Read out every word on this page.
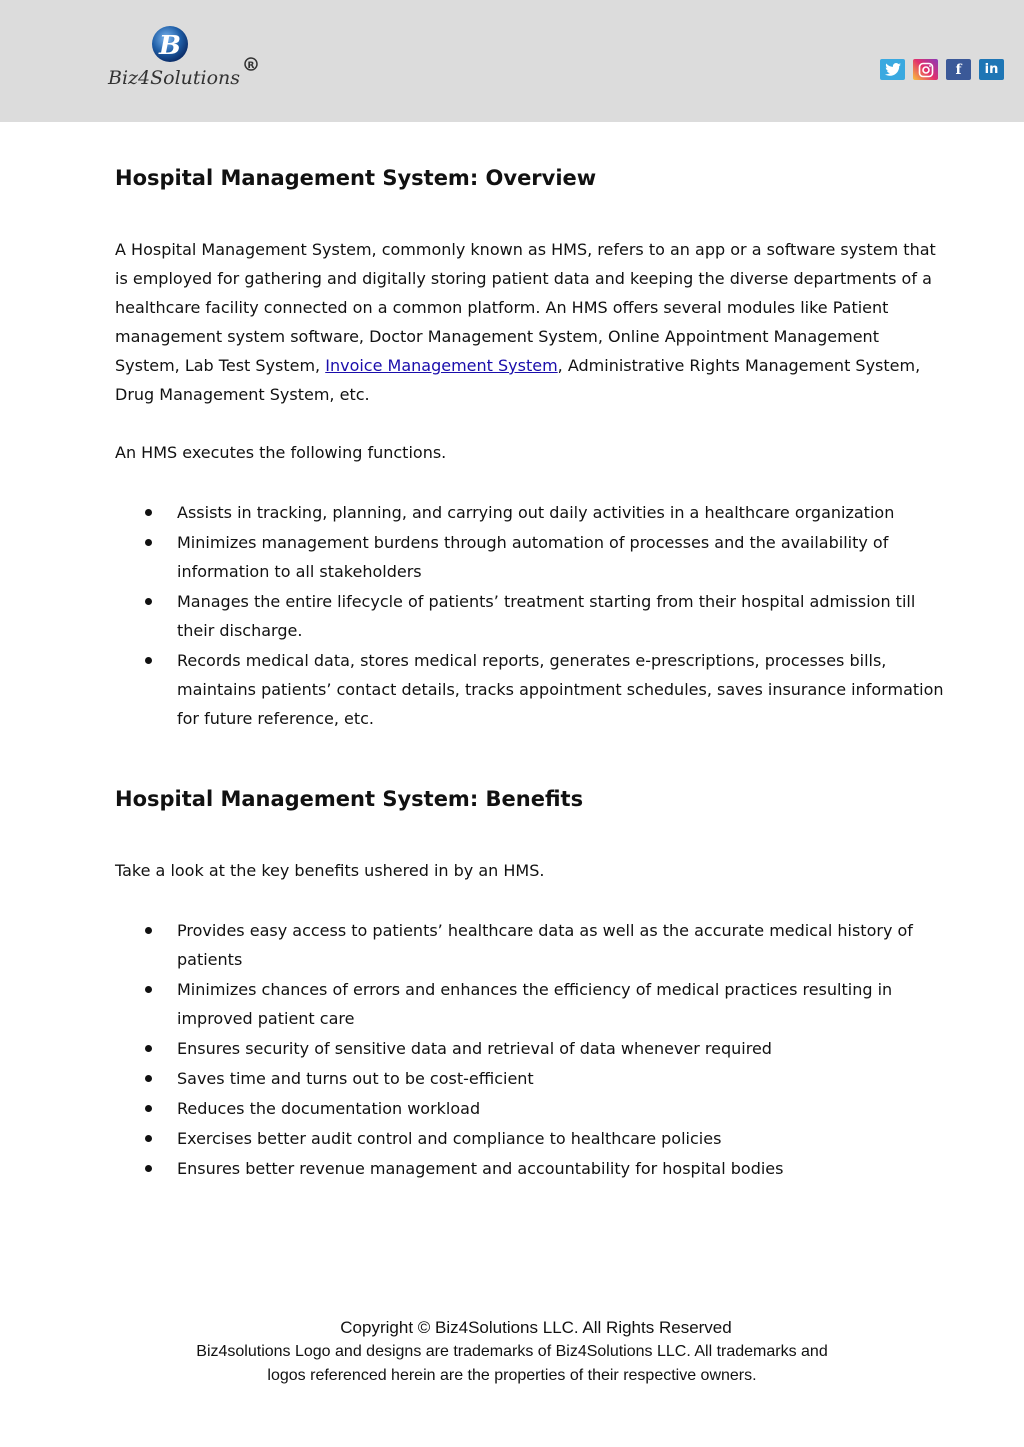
B
Biz4Solutions
R	f	in
Hospital Management System: Overview

A Hospital Management System, commonly known as HMS, refers to an app or a software system that is employed for gathering and digitally storing patient data and keeping the diverse departments of a healthcare facility connected on a common platform. An HMS offers several modules like Patient management system software, Doctor Management System, Online Appointment Management System, Lab Test System, Invoice Management System, Administrative Rights Management System, Drug Management System, etc.

An HMS executes the following functions.

Assists in tracking, planning, and carrying out daily activities in a healthcare organization
Minimizes management burdens through automation of processes and the availability of information to all stakeholders
Manages the entire lifecycle of patients’ treatment starting from their hospital admission till their discharge.
Records medical data, stores medical reports, generates e-prescriptions, processes bills, maintains patients’ contact details, tracks appointment schedules, saves insurance information for future reference, etc.
Hospital Management System: Benefits

Take a look at the key benefits ushered in by an HMS.

Provides easy access to patients’ healthcare data as well as the accurate medical history of patients
Minimizes chances of errors and enhances the efficiency of medical practices resulting in improved patient care
Ensures security of sensitive data and retrieval of data whenever required
Saves time and turns out to be cost-efficient
Reduces the documentation workload
Exercises better audit control and compliance to healthcare policies
Ensures better revenue management and accountability for hospital bodies
Copyright © Biz4Solutions LLC. All Rights Reserved
Biz4solutions Logo and designs are trademarks of Biz4Solutions LLC. All trademarks and
logos referenced herein are the properties of their respective owners.
